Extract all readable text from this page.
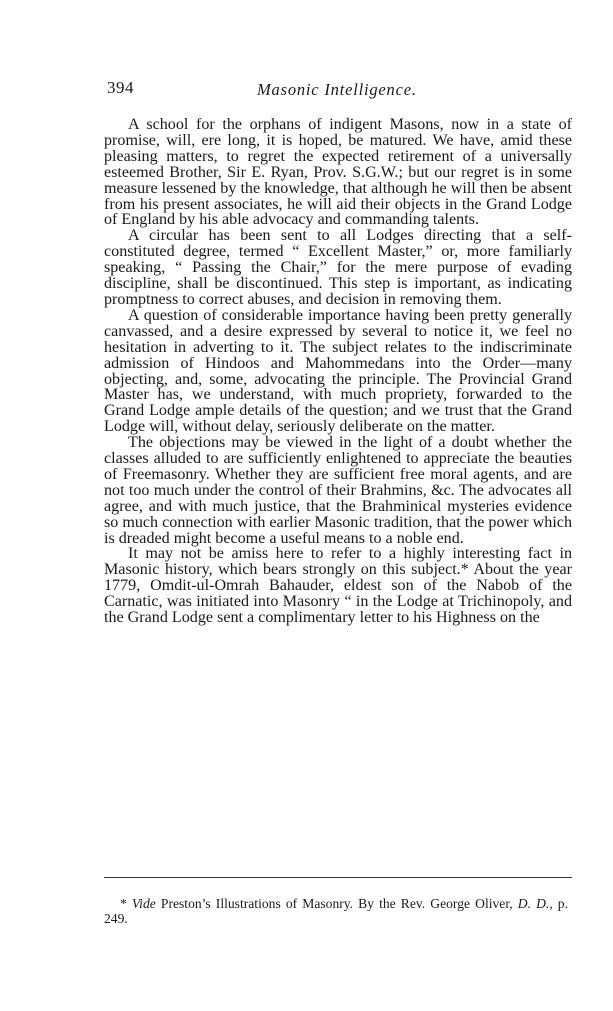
394	Masonic Intelligence.

A school for the orphans of indigent Masons, now in a state of promise, will, ere long, it is hoped, be matured. We have, amid these pleasing matters, to regret the expected retirement of a universally esteemed Brother, Sir E. Ryan, Prov. S.G.W.; but our regret is in some measure lessened by the knowledge, that although he will then be absent from his present associates, he will aid their objects in the Grand Lodge of England by his able advocacy and commanding talents.

A circular has been sent to all Lodges directing that a self-constituted degree, termed “ Excellent Master,” or, more familiarly speaking, “ Passing the Chair,” for the mere purpose of evading discipline, shall be discontinued. This step is important, as indicating promptness to correct abuses, and decision in removing them.

A question of considerable importance having been pretty generally canvassed, and a desire expressed by several to notice it, we feel no hesitation in adverting to it. The subject relates to the indiscriminate admission of Hindoos and Mahommedans into the Order—many objecting, and, some, advocating the principle. The Provincial Grand Master has, we understand, with much propriety, forwarded to the Grand Lodge ample details of the question; and we trust that the Grand Lodge will, without delay, seriously deliberate on the matter.

The objections may be viewed in the light of a doubt whether the classes alluded to are sufficiently enlightened to appreciate the beauties of Freemasonry. Whether they are sufficient free moral agents, and are not too much under the control of their Brahmins, &c. The advocates all agree, and with much justice, that the Brahminical mysteries evidence so much connection with earlier Masonic tradition, that the power which is dreaded might become a useful means to a noble end.

It may not be amiss here to refer to a highly interesting fact in Masonic history, which bears strongly on this subject.* About the year 1779, Omdit-ul-Omrah Bahauder, eldest son of the Nabob of the Carnatic, was initiated into Masonry “ in the Lodge at Trichinopoly, and the Grand Lodge sent a complimentary letter to his Highness on the

* Vide Preston’s Illustrations of Masonry. By the Rev. George Oliver, D. D., p. 249.
